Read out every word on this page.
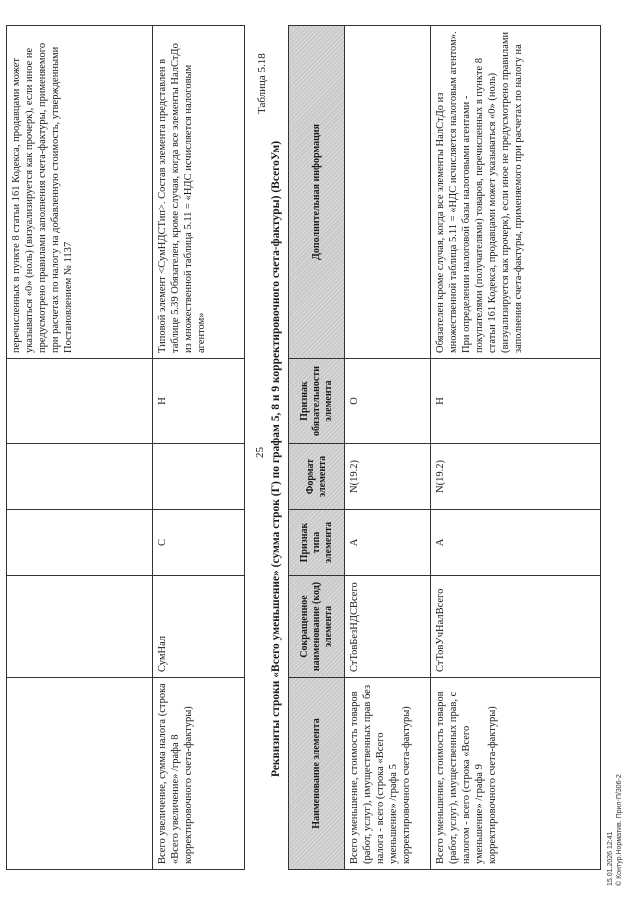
					перечисленных в пункте 8 статьи 161 Кодекса, продавцами может указываться «0» (ноль) (визуализируется как прочерк), если иное не предусмотрено правилами заполнения счета-фактуры, применяемого при расчетах по налогу на добавленную стоимость, утвержденными Постановлением № 1137
Всего увеличение, сумма налога (строка «Всего увеличение» /графа 8 корректировочного счета-фактуры)	СумНал	С		Н	Типовой элемент <СумНДСТип>. Состав элемента представлен в таблице 5.39 Обязателен, кроме случая, когда все элементы НалСтДо из множественной таблица 5.11 = «НДС исчисляется налоговым агентом»
25
Таблица 5.18
Реквизиты строки «Всего уменьшение» (сумма строк (Г) по графам 5, 8 и 9 корректировочного счета-фактуры) (ВсегоУм)	Наименование элемента	Сокращенное наименование (код) элемента	Признак типа элемента	Формат элемента	Признак обязательности элемента	Дополнительная информация
Всего уменьшение, стоимость товаров (работ, услуг), имущественных прав без налога - всего (строка «Всего уменьшение» /графа 5 корректировочного счета-фактуры)	СтТовБезНДСВсего	А	N(19.2)	О	
Всего уменьшение, стоимость товаров (работ, услуг), имущественных прав, с налогом - всего (строка «Всего уменьшение» /графа 9 корректировочного счета-фактуры)	СтТовУчНалВсего	А	N(19.2)	Н	Обязателен кроме случая, когда все элементы НалСтДо из множественной таблица 5.11 = «НДС исчисляется налоговым агентом». При определении налоговой базы налоговыми агентами - покупателями (получателями) товаров, перечисленных в пункте 8 статьи 161 Кодекса, продавцами может указываться «0» (ноль) (визуализируется как прочерк), если иное не предусмотрено правилами заполнения счета-фактуры, применяемого при расчетах по налогу на
15.01.2026 12:41 © Контур.Норматив. Прил-П/306-2
